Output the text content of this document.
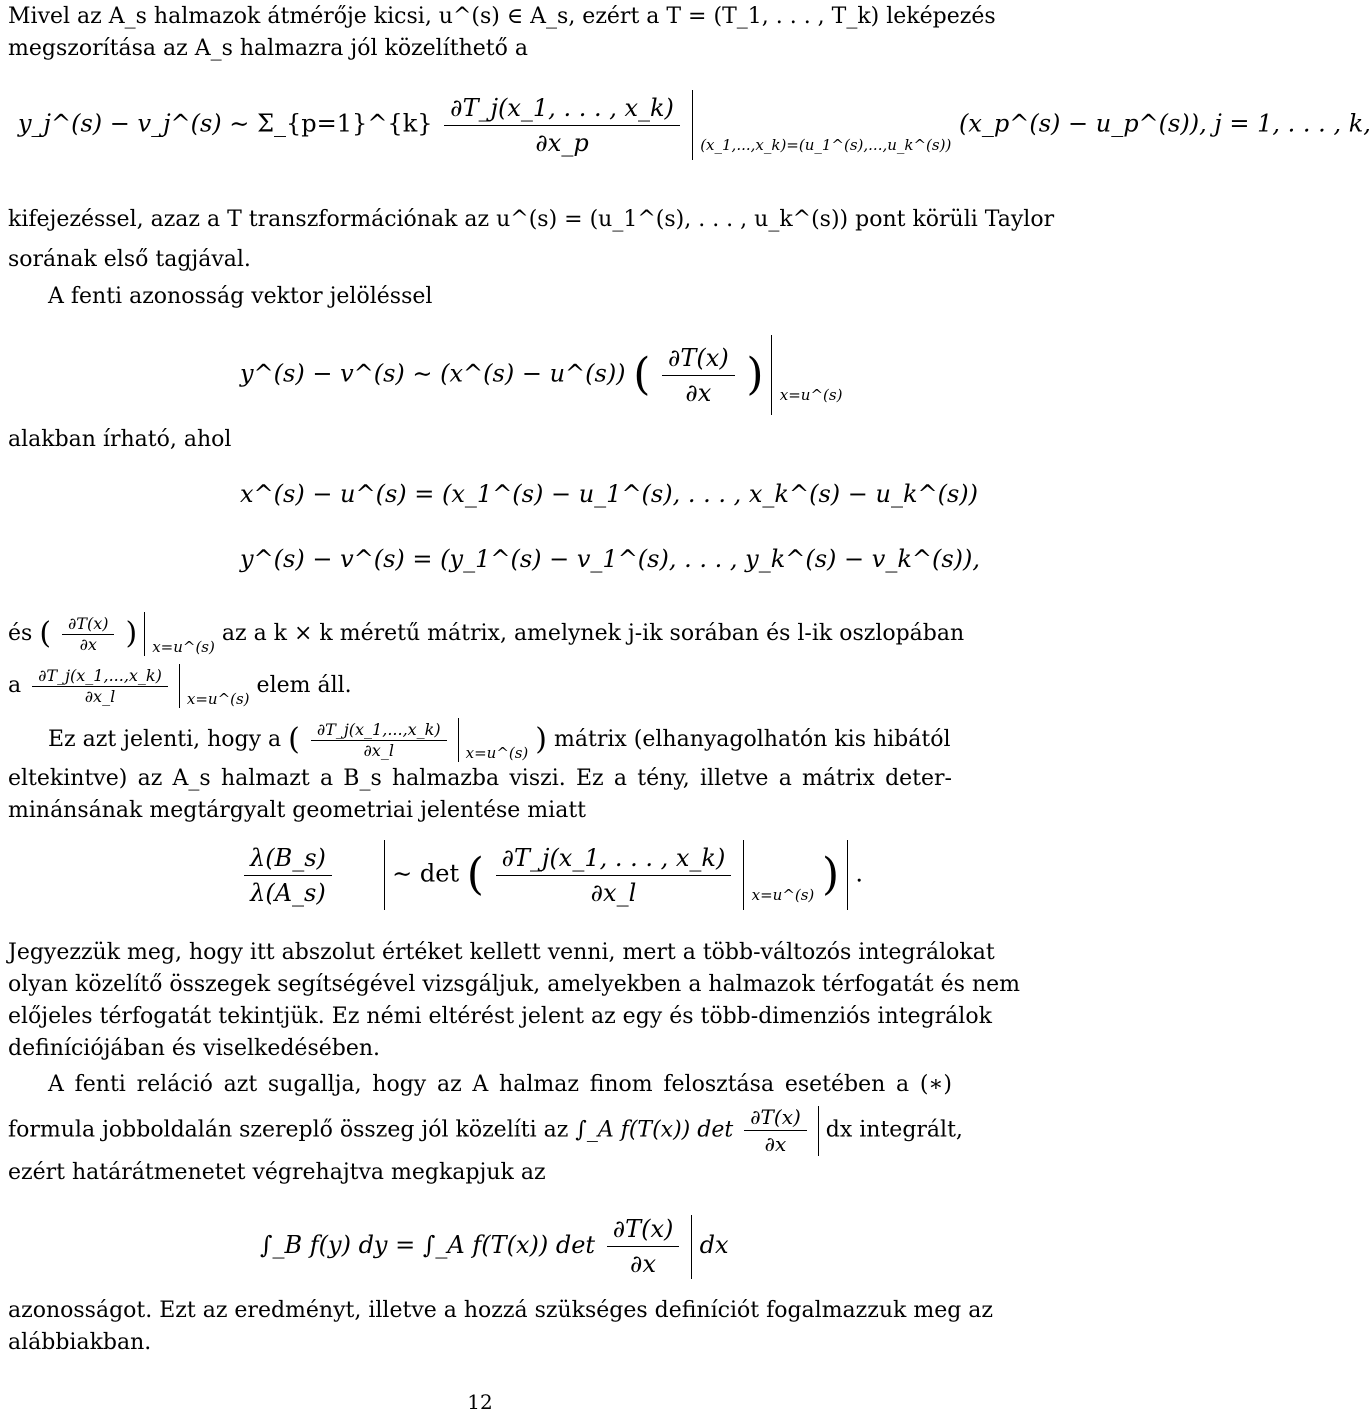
Mivel az A_s halmazok átmérője kicsi, u^(s) ∈ A_s, ezért a T = (T_1, . . . , T_k) leképezés
megszorítása az A_s halmazra jól közelíthető a
y_j^(s) − v_j^(s) ∼ Σ_{p=1}^{k} $\frac{\partial T\_j(x\_1, . . . , x\_k)}{\partial x\_p} _{(x\_1,...,x\_k)=(u\_1\^{}(s),...,u\_k\^{}(s))}$ (x_p^(s) − u_p^(s)), j = 1, . . . , k,
kifejezéssel, azaz a T transzformációnak az u^(s) = (u_1^(s), . . . , u_k^(s)) pont körüli Taylor
sorának első tagjával.
A fenti azonosság vektor jelöléssel
y^(s) − v^(s) ∼ (x^(s) − u^(s)) ( $\frac{\partial T(x)}{\partial x}$ ) $_{x=u\^{}(s)}$
alakban írható, ahol
x^(s) − u^(s) = (x_1^(s) − u_1^(s), . . . , x_k^(s) − u_k^(s))
y^(s) − v^(s) = (y_1^(s) − v_1^(s), . . . , y_k^(s) − v_k^(s)),
és ( $\frac{\partial T(x)}{\partial x}$ ) $_{x=u\^{}(s)}$ az a k × k méretű mátrix, amelynek j-ik sorában és l-ik oszlopában
a $\frac{\partial T\_j(x\_1,...,x\_k)}{\partial x\_l} _{x=u\^{}(s)}$ elem áll.
Ez azt jelenti, hogy a ( $\frac{\partial T\_j(x\_1,...,x\_k)}{\partial x\_l} _{x=u\^{}(s)}$ ) mátrix (elhanyagolhatón kis hibától
eltekintve) az A_s halmazt a B_s halmazba viszi. Ez a tény, illetve a mátrix deter-
minánsának megtárgyalt geometriai jelentése miatt
$\frac{\lambda(B\_s)}{\lambda(A\_s)}$	∼ det ( $\frac{\partial T\_j(x\_1, . . . , x\_k)}{\partial x\_l} _{x=u\^{}(s)}$ ) .
Jegyezzük meg, hogy itt abszolut értéket kellett venni, mert a több-változós integrálokat
olyan közelítő összegek segítségével vizsgáljuk, amelyekben a halmazok térfogatát és nem
előjeles térfogatát tekintjük. Ez némi eltérést jelent az egy és több-dimenziós integrálok
definíciójában és viselkedésében.
A fenti reláció azt sugallja, hogy az A halmaz finom felosztása esetében a (∗)
formula jobboldalán szereplő összeg jól közelíti az ∫_A f(T(x)) $\det \frac{\partial T(x)}{\partial x}$ dx integrált,
ezért határátmenetet végrehajtva megkapjuk az
∫_B f(y) dy = ∫_A f(T(x)) $\det \frac{\partial T(x)}{\partial x}$ dx
azonosságot. Ezt az eredményt, illetve a hozzá szükséges definíciót fogalmazzuk meg az
alábbiakban.
12
